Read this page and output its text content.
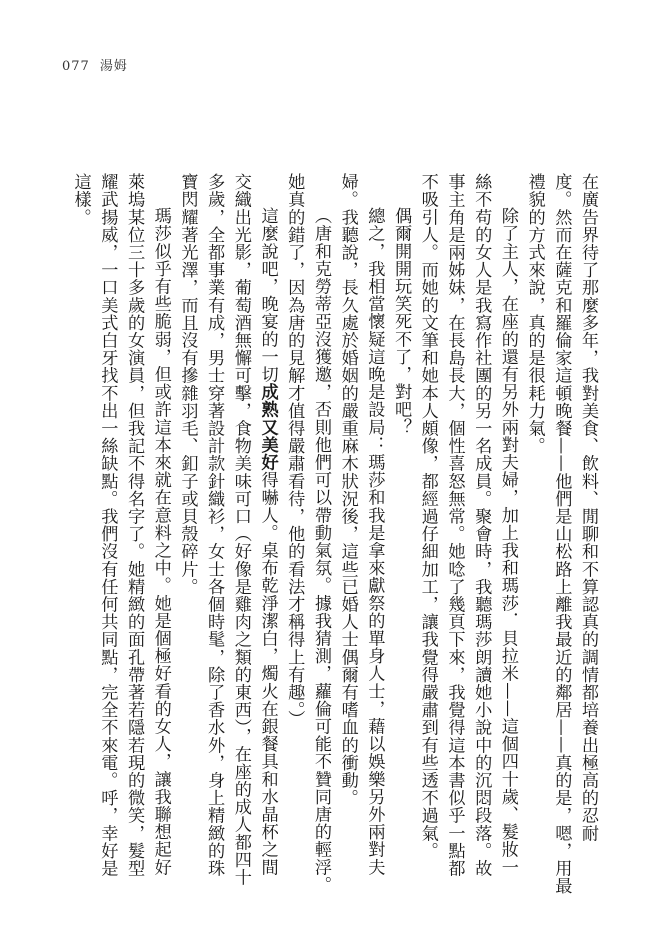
077 湯姆
在廣告界待了那麼多年，我對美食、飲料、閒聊和不算認真的調情都培養出極高的忍耐
度。然而在薩克和羅倫家這頓晚餐——他們是山松路上離我最近的鄰居——真的是，嗯，用最
禮貌的方式來說，真的是很耗力氣。
除了主人，在座的還有另外兩對夫婦，加上我和瑪莎．貝拉米——這個四十歲、髮妝一
絲不苟的女人是我寫作社團的另一名成員。聚會時，我聽瑪莎朗讀她小說中的沉悶段落。故
事主角是兩姊妹，在長島長大，個性喜怒無常。她唸了幾頁下來，我覺得這本書似乎一點都
不吸引人。而她的文筆和她本人頗像，都經過仔細加工，讓我覺得嚴肅到有些透不過氣。
偶爾開開玩笑死不了，對吧？
總之，我相當懷疑這晚是設局：瑪莎和我是拿來獻祭的單身人士，藉以娛樂另外兩對夫
婦。我聽說，長久處於婚姻的嚴重麻木狀況後，這些已婚人士偶爾有嗜血的衝動。
（唐和克勞蒂亞沒獲邀，否則他們可以帶動氣氛。據我猜測，蘿倫可能不贊同唐的輕浮。
她真的錯了，因為唐的見解才值得嚴肅看待，他的看法才稱得上有趣。）
這麼說吧，晚宴的一切成熟又美好得嚇人。桌布乾淨潔白，燭火在銀餐具和水晶杯之間
交織出光影，葡萄酒無懈可擊，食物美味可口（好像是雞肉之類的東西），在座的成人都四十
多歲，全都事業有成，男士穿著設計款針織衫，女士各個時髦，除了香水外，身上精緻的珠
寶閃耀著光澤，而且沒有摻雜羽毛、釦子或貝殼碎片。
瑪莎似乎有些脆弱，但或許這本來就在意料之中。她是個極好看的女人，讓我聯想起好
萊塢某位三十多歲的女演員，但我記不得名字了。她精緻的面孔帶著若隱若現的微笑，髮型
耀武揚威，一口美式白牙找不出一絲缺點。我們沒有任何共同點，完全不來電。呼，幸好是
這樣。
